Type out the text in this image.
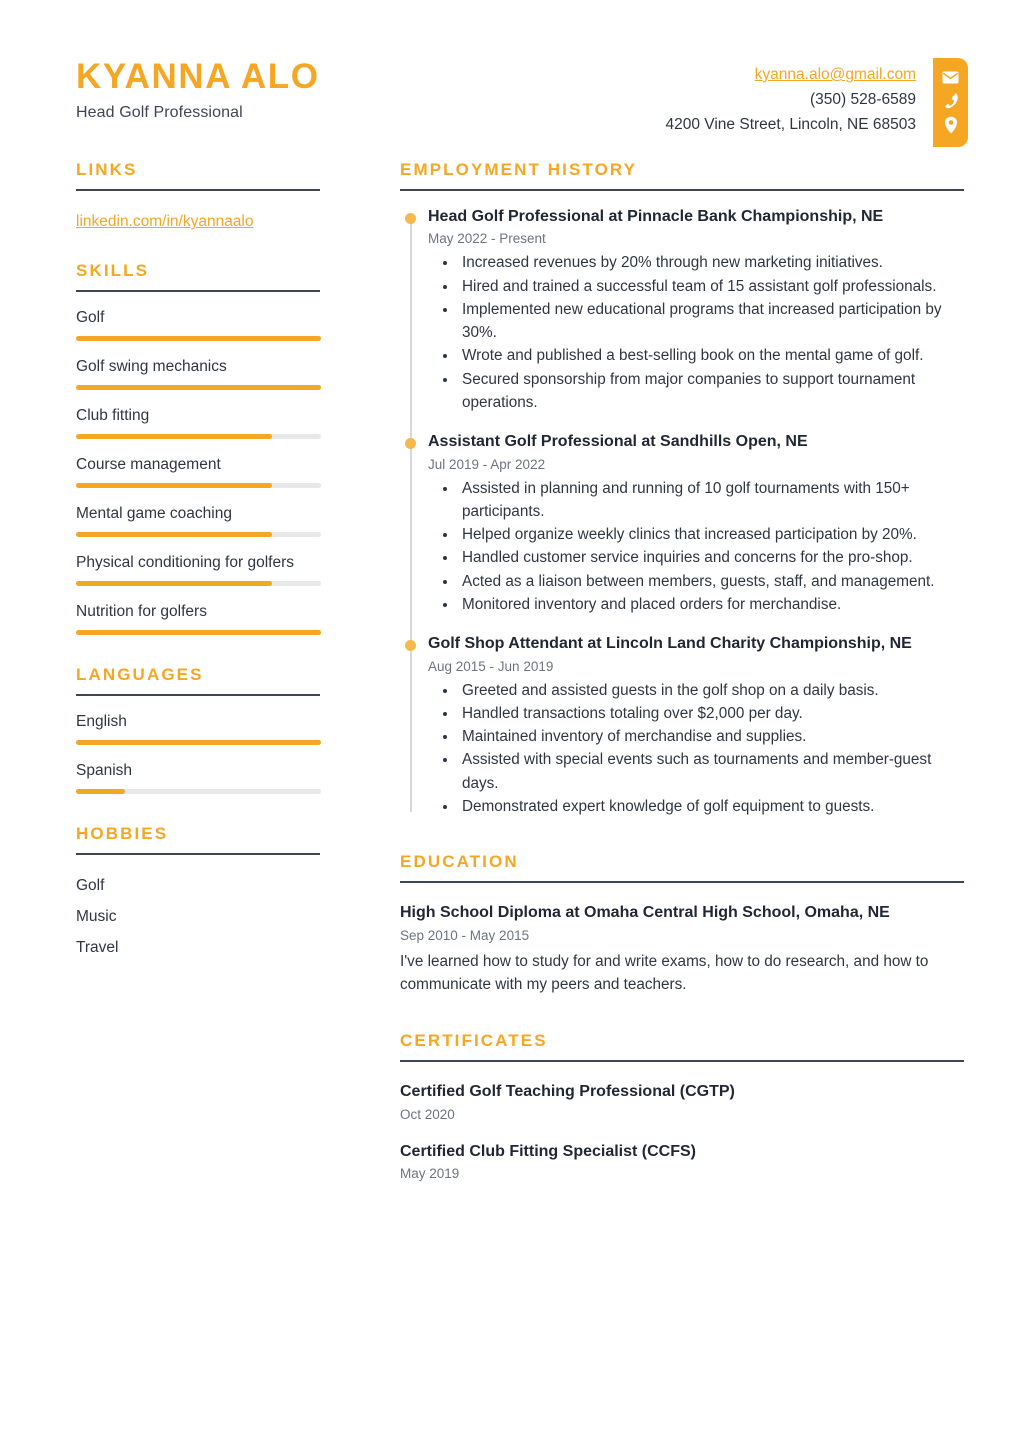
KYANNA ALO
Head Golf Professional
kyanna.alo@gmail.com
(350) 528-6589
4200 Vine Street, Lincoln, NE 68503
LINKS
linkedin.com/in/kyannaalo
SKILLS
Golf
Golf swing mechanics
Club fitting
Course management
Mental game coaching
Physical conditioning for golfers
Nutrition for golfers
LANGUAGES
English
Spanish
HOBBIES
Golf
Music
Travel
EMPLOYMENT HISTORY
Head Golf Professional at Pinnacle Bank Championship, NE
May 2022 - Present
• Increased revenues by 20% through new marketing initiatives.
• Hired and trained a successful team of 15 assistant golf professionals.
• Implemented new educational programs that increased participation by 30%.
• Wrote and published a best-selling book on the mental game of golf.
• Secured sponsorship from major companies to support tournament operations.
Assistant Golf Professional at Sandhills Open, NE
Jul 2019 - Apr 2022
• Assisted in planning and running of 10 golf tournaments with 150+ participants.
• Helped organize weekly clinics that increased participation by 20%.
• Handled customer service inquiries and concerns for the pro-shop.
• Acted as a liaison between members, guests, staff, and management.
• Monitored inventory and placed orders for merchandise.
Golf Shop Attendant at Lincoln Land Charity Championship, NE
Aug 2015 - Jun 2019
• Greeted and assisted guests in the golf shop on a daily basis.
• Handled transactions totaling over $2,000 per day.
• Maintained inventory of merchandise and supplies.
• Assisted with special events such as tournaments and member-guest days.
• Demonstrated expert knowledge of golf equipment to guests.
EDUCATION
High School Diploma at Omaha Central High School, Omaha, NE
Sep 2010 - May 2015
I've learned how to study for and write exams, how to do research, and how to communicate with my peers and teachers.
CERTIFICATES
Certified Golf Teaching Professional (CGTP)
Oct 2020
Certified Club Fitting Specialist (CCFS)
May 2019
